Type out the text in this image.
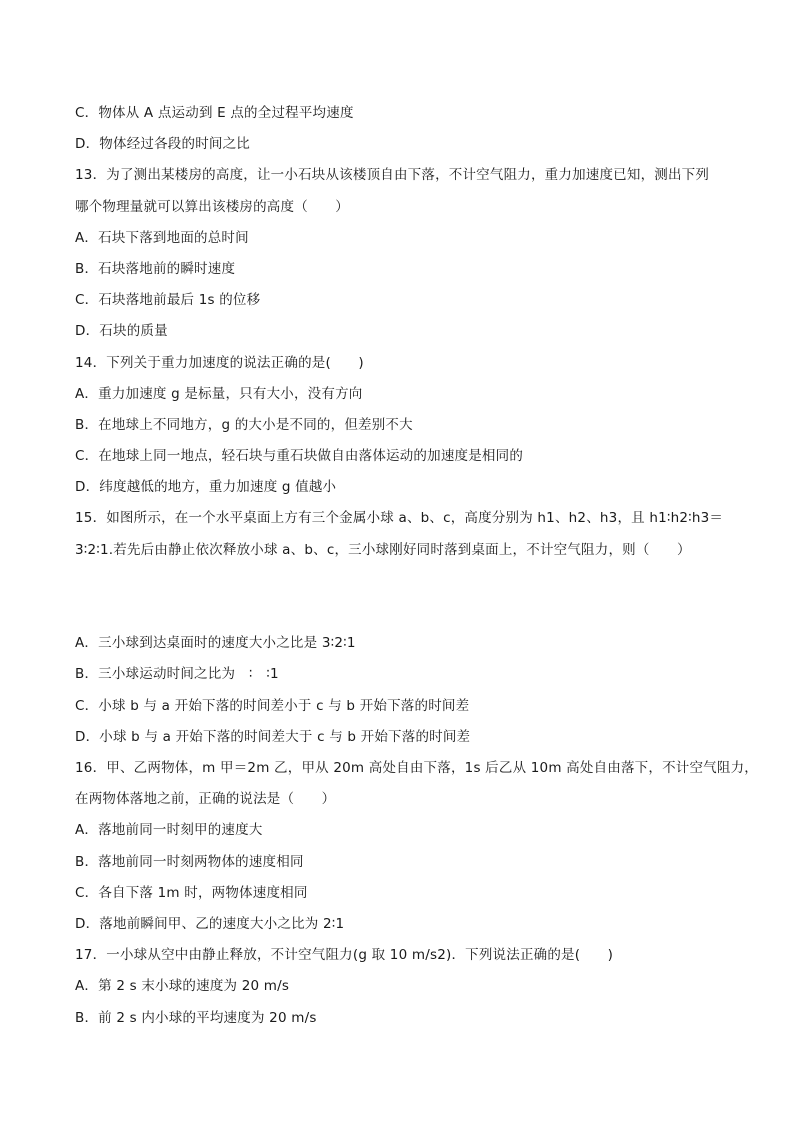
C．物体从 A 点运动到 E 点的全过程平均速度
D．物体经过各段的时间之比
13．为了测出某楼房的高度，让一小石块从该楼顶自由下落，不计空气阻力，重力加速度已知，测出下列
哪个物理量就可以算出该楼房的高度（　　）
A．石块下落到地面的总时间
B．石块落地前的瞬时速度
C．石块落地前最后 1s 的位移
D．石块的质量
14．下列关于重力加速度的说法正确的是(　　)
A．重力加速度 g 是标量，只有大小，没有方向
B．在地球上不同地方，g 的大小是不同的，但差别不大
C．在地球上同一地点，轻石块与重石块做自由落体运动的加速度是相同的
D．纬度越低的地方，重力加速度 g 值越小
15．如图所示，在一个水平桌面上方有三个金属小球 a、b、c，高度分别为 h1、h2、h3，且 h1∶h2∶h3＝
3∶2∶1.若先后由静止依次释放小球 a、b、c，三小球刚好同时落到桌面上，不计空气阻力，则（　　）
A．三小球到达桌面时的速度大小之比是 3∶2∶1
B．三小球运动时间之比为　∶　∶1
C．小球 b 与 a 开始下落的时间差小于 c 与 b 开始下落的时间差
D．小球 b 与 a 开始下落的时间差大于 c 与 b 开始下落的时间差
16．甲、乙两物体，m 甲＝2m 乙，甲从 20m 高处自由下落，1s 后乙从 10m 高处自由落下，不计空气阻力，
在两物体落地之前，正确的说法是（　　）
A．落地前同一时刻甲的速度大
B．落地前同一时刻两物体的速度相同
C．各自下落 1m 时，两物体速度相同
D．落地前瞬间甲、乙的速度大小之比为 2∶1
17．一小球从空中由静止释放，不计空气阻力(g 取 10 m/s2)．下列说法正确的是(　　)
A．第 2 s 末小球的速度为 20 m/s
B．前 2 s 内小球的平均速度为 20 m/s
